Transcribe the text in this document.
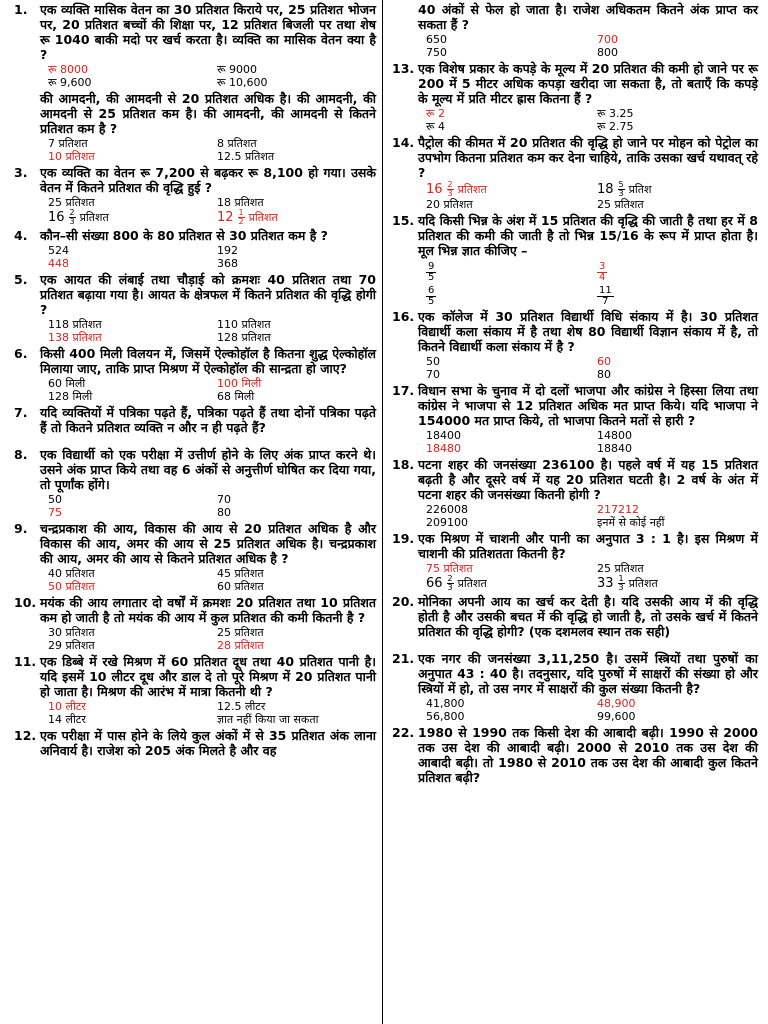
1. एक व्यक्ति मासिक वेतन का 30 प्रतिशत किराये पर, 25 प्रतिशत भोजन पर, 20 प्रतिशत बच्चों की शिक्षा पर, 12 प्रतिशत बिजली पर तथा शेष रू 1040 बाकी मदो पर खर्च करता है। व्यक्ति का मासिक वेतन क्या है ?
रू 8000	रू 9000
रू 9,600	रू 10,600
की आमदनी, की आमदनी से 20 प्रतिशत अधिक है। की आमदनी, की आमदनी से 25 प्रतिशत कम है। की आमदनी, की आमदनी से कितने प्रतिशत कम है ?
7 प्रतिशत	8 प्रतिशत
10 प्रतिशत	12.5 प्रतिशत
3. एक व्यक्ति का वेतन रू 7,200 से बढ़कर रू 8,100 हो गया। उसके वेतन में कितने प्रतिशत की वृद्धि हुई ?
25 प्रतिशत	18 प्रतिशत
$16 \frac{2}{3}$ प्रतिशत	$12 \frac{1}{2}$ प्रतिशत
4. कौन–सी संख्या 800 के 80 प्रतिशत से 30 प्रतिशत कम है ?
524	192
448	368
5. एक आयत की लंबाई तथा चौड़ाई को क्रमशः 40 प्रतिशत तथा 70 प्रतिशत बढ़ाया गया है। आयत के क्षेत्रफल में कितने प्रतिशत की वृद्धि होगी ?
118 प्रतिशत	110 प्रतिशत
138 प्रतिशत	128 प्रतिशत
6. किसी 400 मिली विलयन में, जिसमें ऐल्कोहॉल है कितना शुद्ध ऐल्कोहॉल मिलाया जाए, ताकि प्राप्त मिश्रण में ऐल्कोहॉल की सान्द्रता हो जाए?
60 मिली	100 मिली
128 मिली	68 मिली
7. यदि व्यक्तियों में पत्रिका पढ़ते हैं, पत्रिका पढ़ते हैं तथा दोनों पत्रिका पढ़ते हैं तो कितने प्रतिशत व्यक्ति न और न ही पढ़ते हैं?
8. एक विद्यार्थी को एक परीक्षा में उत्तीर्ण होने के लिए अंक प्राप्त करने थे। उसने अंक प्राप्त किये तथा वह 6 अंकों से अनुत्तीर्ण घोषित कर दिया गया, तो पूर्णांक होंगे।
50	70
75	80
9. चन्द्रप्रकाश की आय, विकास की आय से 20 प्रतिशत अधिक है और विकास की आय, अमर की आय से 25 प्रतिशत अधिक है। चन्द्रप्रकाश की आय, अमर की आय से कितने प्रतिशत अधिक है ?
40 प्रतिशत	45 प्रतिशत
50 प्रतिशत	60 प्रतिशत
10. मयंक की आय लगातार दो वर्षों में क्रमशः 20 प्रतिशत तथा 10 प्रतिशत कम हो जाती है तो मयंक की आय में कुल प्रतिशत की कमी कितनी है ?
30 प्रतिशत	25 प्रतिशत
29 प्रतिशत	28 प्रतिशत
11. एक डिब्बे में रखे मिश्रण में 60 प्रतिशत दूध तथा 40 प्रतिशत पानी है। यदि इसमें 10 लीटर दूध और डाल दे तो पूरे मिश्रण में 20 प्रतिशत पानी हो जाता है। मिश्रण की आरंभ में मात्रा कितनी थी ?
10 लीटर	12.5 लीटर
14 लीटर	ज्ञात नहीं किया जा सकता
12. एक परीक्षा में पास होने के लिये कुल अंकों में से 35 प्रतिशत अंक लाना अनिवार्य है। राजेश को 205 अंक मिलते है और वह
40 अंकों से फेल हो जाता है। राजेश अधिकतम कितने अंक प्राप्त कर सकता हैं ?
650	700
750	800
13. एक विशेष प्रकार के कपड़े के मूल्य में 20 प्रतिशत की कमी हो जाने पर रू 200 में 5 मीटर अधिक कपड़ा खरीदा जा सकता है, तो बताएँ कि कपड़े के मूल्य में प्रति मीटर ह्रास कितना हैं ?
रू 2	रू 3.25
रू 4	रू 2.75
14. पैट्रोल की कीमत में 20 प्रतिशत की वृद्धि हो जाने पर मोहन को पेट्रोल का उपभोग कितना प्रतिशत कम कर देना चाहिये, ताकि उसका खर्च यथावत् रहे ?
$16 \frac{2}{3}$ प्रतिशत	$18 \frac{5}{3}$ प्रतिश
20 प्रतिशत	25 प्रतिशत
15. यदि किसी भिन्न के अंश में 15 प्रतिशत की वृद्धि की जाती है तथा हर में 8 प्रतिशत की कमी की जाती है तो भिन्न 15/16 के रूप में प्राप्त होता है। मूल भिन्न ज्ञात कीजिए –
$\frac{9}{5}$	$\frac{3}{4}$
$\frac{6}{5}$	$\frac{11}{7}$
16. एक कॉलेज में 30 प्रतिशत विद्यार्थी विधि संकाय में है। 30 प्रतिशत विद्यार्थी कला संकाय में है तथा शेष 80 विद्यार्थी विज्ञान संकाय में है, तो कितने विद्यार्थी कला संकाय में है ?
50	60
70	80
17. विधान सभा के चुनाव में दो दलों भाजपा और कांग्रेस ने हिस्सा लिया तथा कांग्रेस ने भाजपा से 12 प्रतिशत अधिक मत प्राप्त किये। यदि भाजपा ने 154000 मत प्राप्त किये, तो भाजपा कितने मतों से हारी ?
18400	14800
18480	18840
18. पटना शहर की जनसंख्या 236100 है। पहले वर्ष में यह 15 प्रतिशत बढ़ती है और दूसरे वर्ष में यह 20 प्रतिशत घटती है। 2 वर्ष के अंत में पटना शहर की जनसंख्या कितनी होगी ?
226008	217212
209100	इनमें से कोई नहीं
19. एक मिश्रण में चाशनी और पानी का अनुपात 3 : 1 है। इस मिश्रण में चाशनी की प्रतिशतता कितनी है?
75 प्रतिशत	25 प्रतिशत
$66 \frac{2}{3}$ प्रतिशत	$33 \frac{1}{3}$ प्रतिशत
20. मोनिका अपनी आय का खर्च कर देती है। यदि उसकी आय में की वृद्धि होती है और उसकी बचत में की वृद्धि हो जाती है, तो उसके खर्च में कितने प्रतिशत की वृद्धि होगी? (एक दशमलव स्थान तक सही)
21. एक नगर की जनसंख्या 3,11,250 है। उसमें स्त्रियों तथा पुरुषों का अनुपात 43 : 40 है। तदनुसार, यदि पुरुषों में साक्षरों की संख्या हो और स्त्रियों में हो, तो उस नगर में साक्षरों की कुल संख्या कितनी है?
41,800	48,900
56,800	99,600
22. 1980 से 1990 तक किसी देश की आबादी बढ़ी। 1990 से 2000 तक उस देश की आबादी बढ़ी। 2000 से 2010 तक उस देश की आबादी बढ़ी। तो 1980 से 2010 तक उस देश की आबादी कुल कितने प्रतिशत बढ़ी?
